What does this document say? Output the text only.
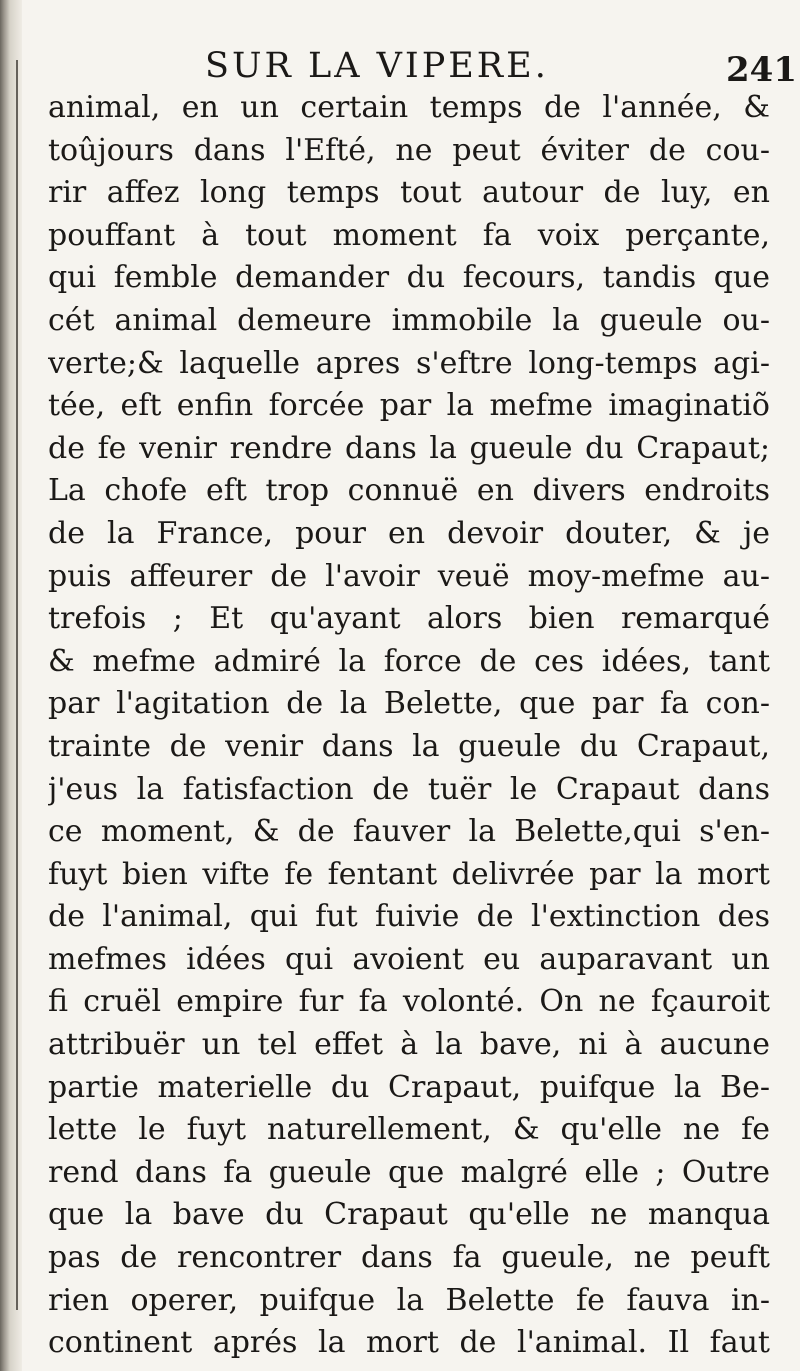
SUR LA VIPERE.	241
animal, en un certain temps de l'année, &
toûjours dans l'Efté, ne peut éviter de cou-
rir affez long temps tout autour de luy, en
pouffant à tout moment fa voix perçante,
qui femble demander du fecours, tandis que
cét animal demeure immobile la gueule ou-
verte;& laquelle apres s'eftre long-temps agi-
tée, eft enfin forcée par la mefme imaginatiõ
de fe venir rendre dans la gueule du Crapaut;
La chofe eft trop connuë en divers endroits
de la France, pour en devoir douter, & je
puis affeurer de l'avoir veuë moy-mefme au-
trefois ; Et qu'ayant alors bien remarqué
& mefme admiré la force de ces idées, tant
par l'agitation de la Belette, que par fa con-
trainte de venir dans la gueule du Crapaut,
j'eus la fatisfaction de tuër le Crapaut dans
ce moment, & de fauver la Belette,qui s'en-
fuyt bien vifte fe fentant delivrée par la mort
de l'animal, qui fut fuivie de l'extinction des
mefmes idées qui avoient eu auparavant un
fi cruël empire fur fa volonté. On ne fçauroit
attribuër un tel effet à la bave, ni à aucune
partie materielle du Crapaut, puifque la Be-
lette le fuyt naturellement, & qu'elle ne fe
rend dans fa gueule que malgré elle ; Outre
que la bave du Crapaut qu'elle ne manqua
pas de rencontrer dans fa gueule, ne peuft
rien operer, puifque la Belette fe fauva in-
continent aprés la mort de l'animal. Il faut
